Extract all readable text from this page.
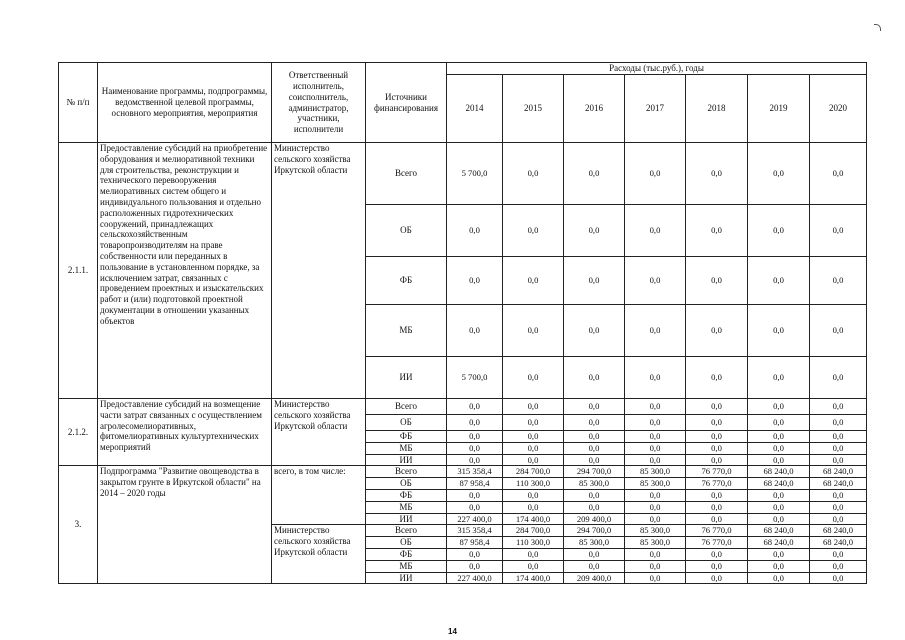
№ п/п	Наименование программы, подпрограммы, ведомственной целевой программы, основного мероприятия, мероприятия	Ответственный исполнитель, соисполнитель, администратор, участники, исполнители	Источники финансирования	Расходы (тыс.руб.), годы						
				2014	2015	2016	2017	2018	2019	2020
2.1.1.	Предоставление субсидий на приобретение оборудования и мелиоративной техники для строительства, реконструкции и технического перевооружения мелиоративных систем общего и индивидуального пользования и отдельно расположенных гидротехнических сооружений, принадлежащих сельскохозяйственным товаропроизводителям на праве собственности или переданных в пользование в установленном порядке, за исключением затрат, связанных с проведением проектных и изыскательских работ и (или) подготовкой проектной документации в отношении указанных объектов	Министерство сельского хозяйства Иркутской области	Всего	5 700,0	0,0	0,0	0,0	0,0	0,0	0,0
			ОБ	0,0	0,0	0,0	0,0	0,0	0,0	0,0
			ФБ	0,0	0,0	0,0	0,0	0,0	0,0	0,0
			МБ	0,0	0,0	0,0	0,0	0,0	0,0	0,0
			ИИ	5 700,0	0,0	0,0	0,0	0,0	0,0	0,0
2.1.2.	Предоставление субсидий на возмещение части затрат связанных с осуществлением агролесомелиоративных, фитомелиоративных культуртехнических мероприятий	Министерство сельского хозяйства Иркутской области	Всего	0,0	0,0	0,0	0,0	0,0	0,0	0,0
			ОБ	0,0	0,0	0,0	0,0	0,0	0,0	0,0
			ФБ	0,0	0,0	0,0	0,0	0,0	0,0	0,0
			МБ	0,0	0,0	0,0	0,0	0,0	0,0	0,0
			ИИ	0,0	0,0	0,0	0,0	0,0	0,0	0,0
3.	Подпрограмма "Развитие овощеводства в закрытом грунте в Иркутской области" на 2014 – 2020 годы	всего, в том числе:	Всего	315 358,4	284 700,0	294 700,0	85 300,0	76 770,0	68 240,0	68 240,0
			ОБ	87 958,4	110 300,0	85 300,0	85 300,0	76 770,0	68 240,0	68 240,0
			ФБ	0,0	0,0	0,0	0,0	0,0	0,0	0,0
			МБ	0,0	0,0	0,0	0,0	0,0	0,0	0,0
			ИИ	227 400,0	174 400,0	209 400,0	0,0	0,0	0,0	0,0
		Министерство сельского хозяйства Иркутской области	Всего	315 358,4	284 700,0	294 700,0	85 300,0	76 770,0	68 240,0	68 240,0
			ОБ	87 958,4	110 300,0	85 300,0	85 300,0	76 770,0	68 240,0	68 240,0
			ФБ	0,0	0,0	0,0	0,0	0,0	0,0	0,0
			МБ	0,0	0,0	0,0	0,0	0,0	0,0	0,0
			ИИ	227 400,0	174 400,0	209 400,0	0,0	0,0	0,0	0,0
14
